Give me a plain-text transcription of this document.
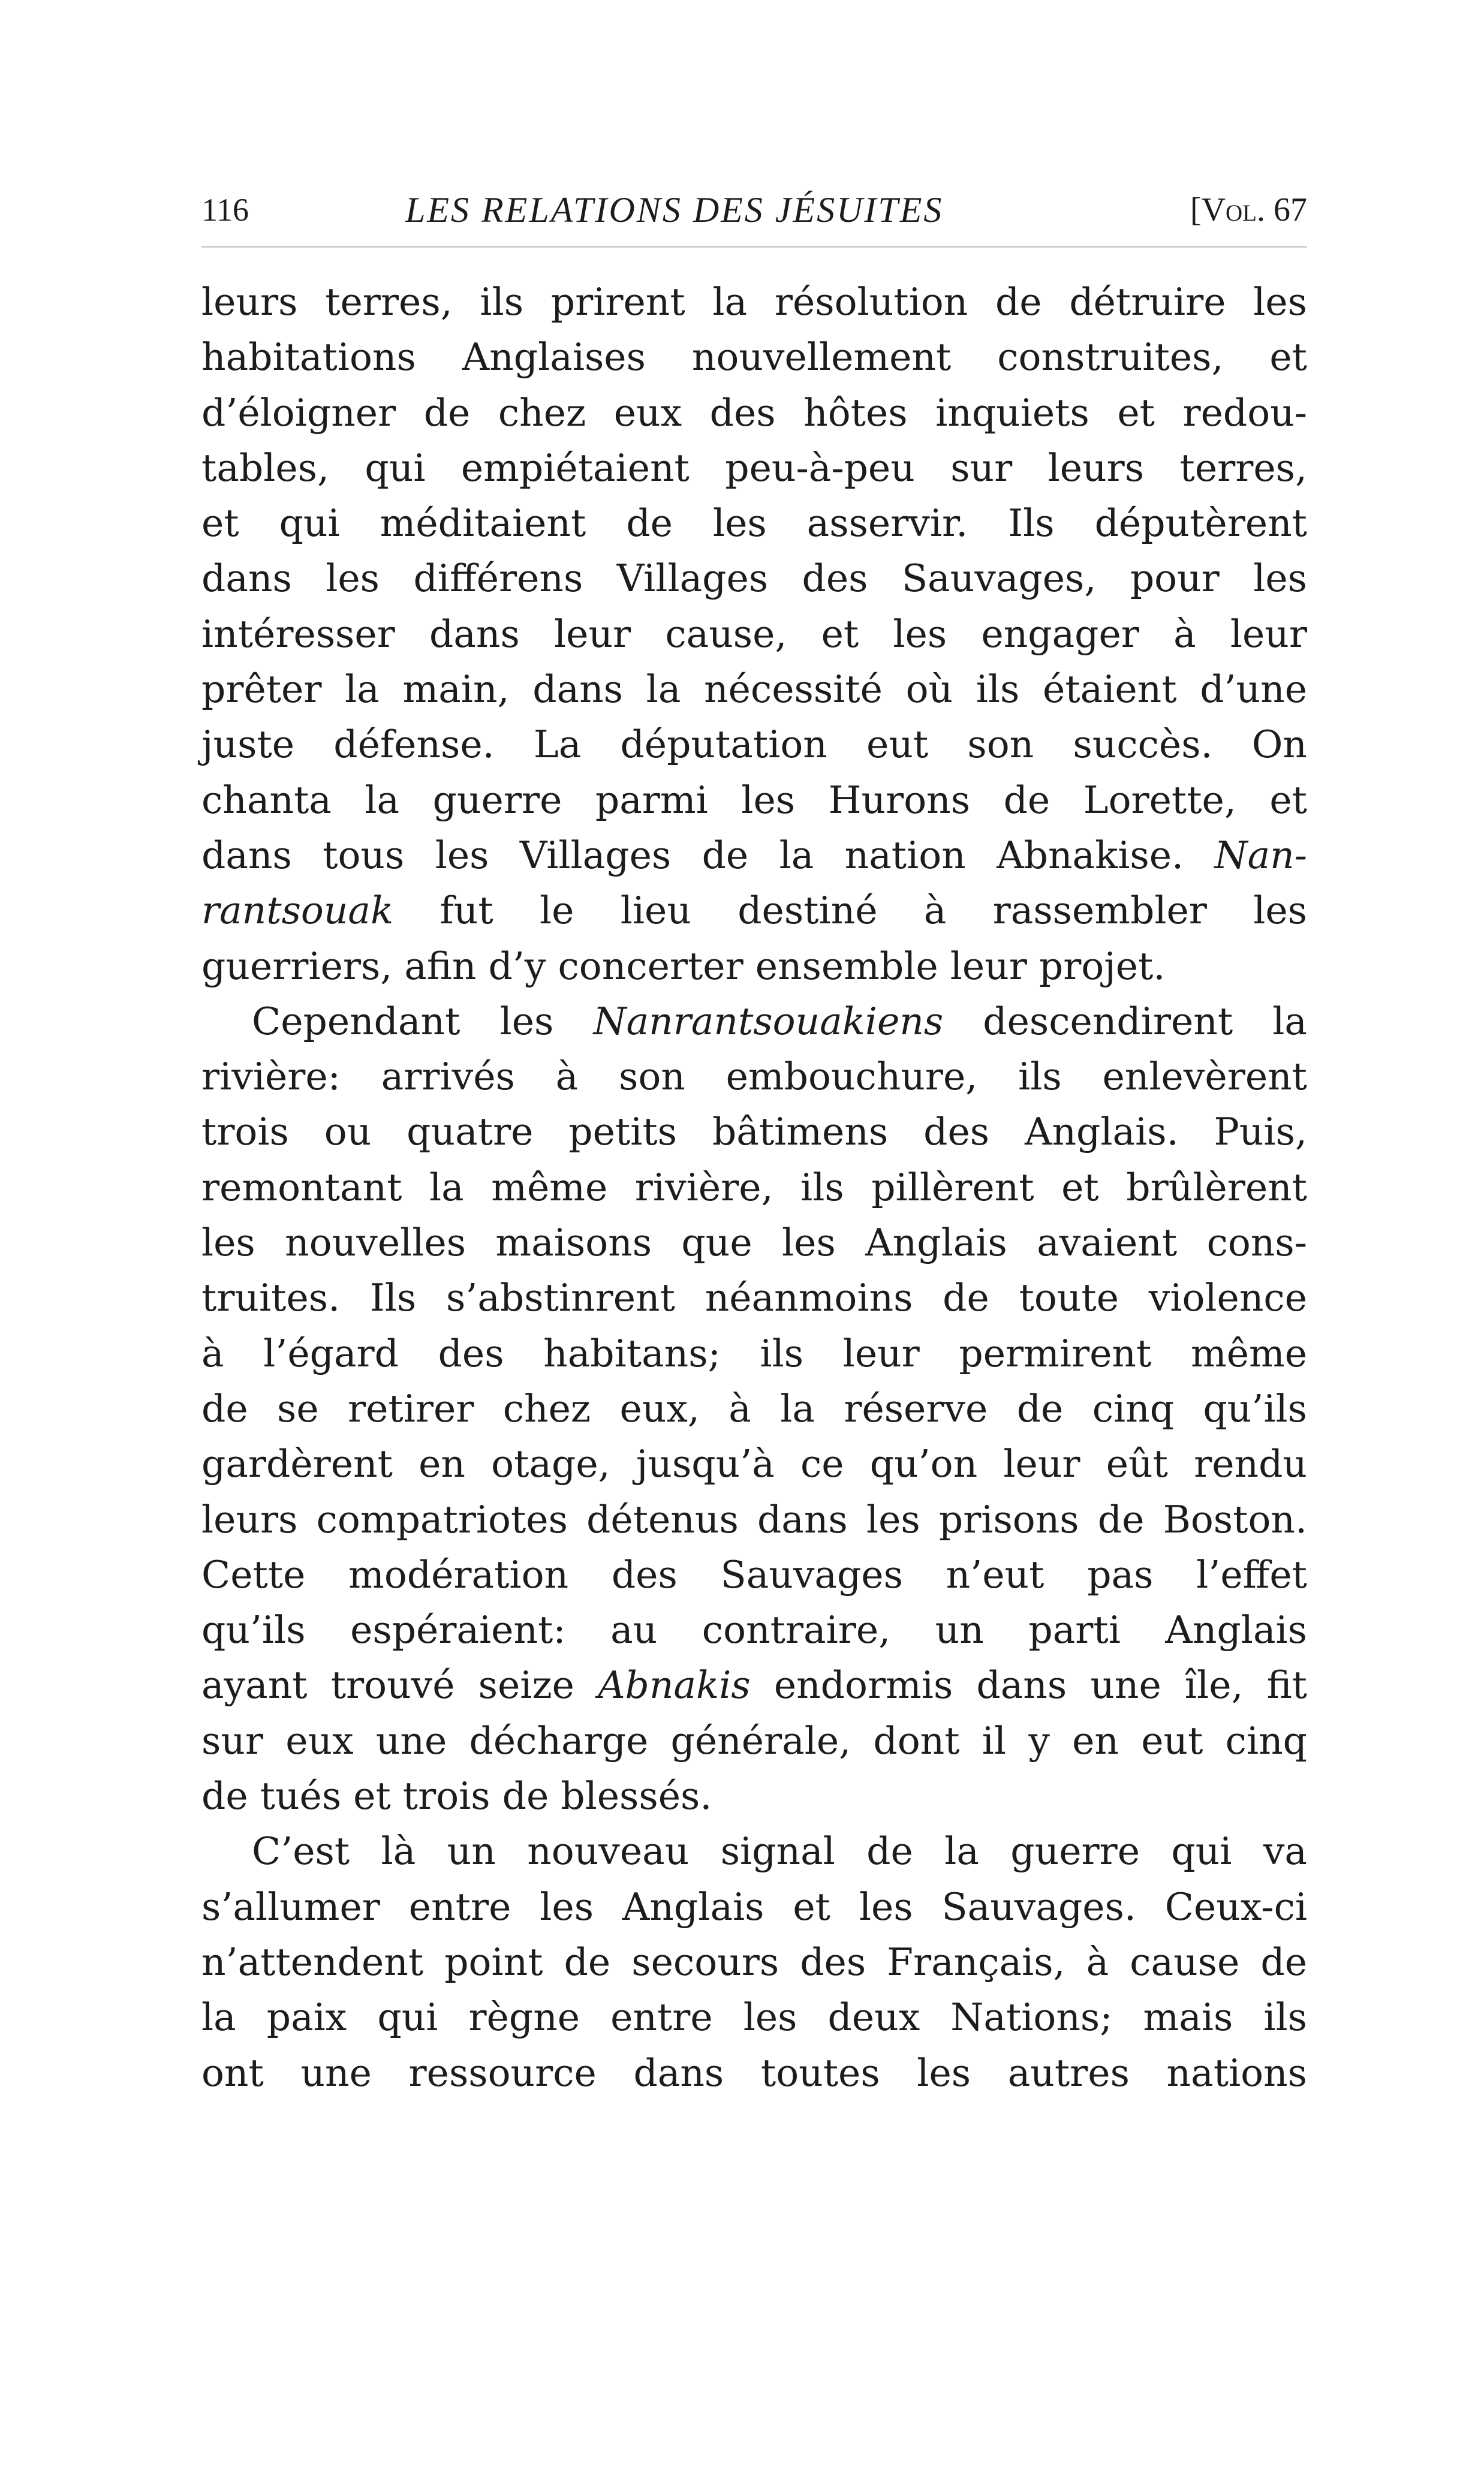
116	LES RELATIONS DES JÉSUITES	[Vol. 67
leurs terres, ils prirent la résolution de détruire les
habitations Anglaises nouvellement construites, et
d’éloigner de chez eux des hôtes inquiets et redou-
tables, qui empiétaient peu-à-peu sur leurs terres,
et qui méditaient de les asservir. Ils députèrent
dans les différens Villages des Sauvages, pour les
intéresser dans leur cause, et les engager à leur
prêter la main, dans la nécessité où ils étaient d’une
juste défense. La députation eut son succès. On
chanta la guerre parmi les Hurons de Lorette, et
dans tous les Villages de la nation Abnakise. Nan-
rantsouak fut le lieu destiné à rassembler les
guerriers, afin d’y concerter ensemble leur projet.
Cependant les Nanrantsouakiens descendirent la
rivière: arrivés à son embouchure, ils enlevèrent
trois ou quatre petits bâtimens des Anglais. Puis,
remontant la même rivière, ils pillèrent et brûlèrent
les nouvelles maisons que les Anglais avaient cons-
truites. Ils s’abstinrent néanmoins de toute violence
à l’égard des habitans; ils leur permirent même
de se retirer chez eux, à la réserve de cinq qu’ils
gardèrent en otage, jusqu’à ce qu’on leur eût rendu
leurs compatriotes détenus dans les prisons de Boston.
Cette modération des Sauvages n’eut pas l’effet
qu’ils espéraient: au contraire, un parti Anglais
ayant trouvé seize Abnakis endormis dans une île, fit
sur eux une décharge générale, dont il y en eut cinq
de tués et trois de blessés.
C’est là un nouveau signal de la guerre qui va
s’allumer entre les Anglais et les Sauvages. Ceux-ci
n’attendent point de secours des Français, à cause de
la paix qui règne entre les deux Nations; mais ils
ont une ressource dans toutes les autres nations
